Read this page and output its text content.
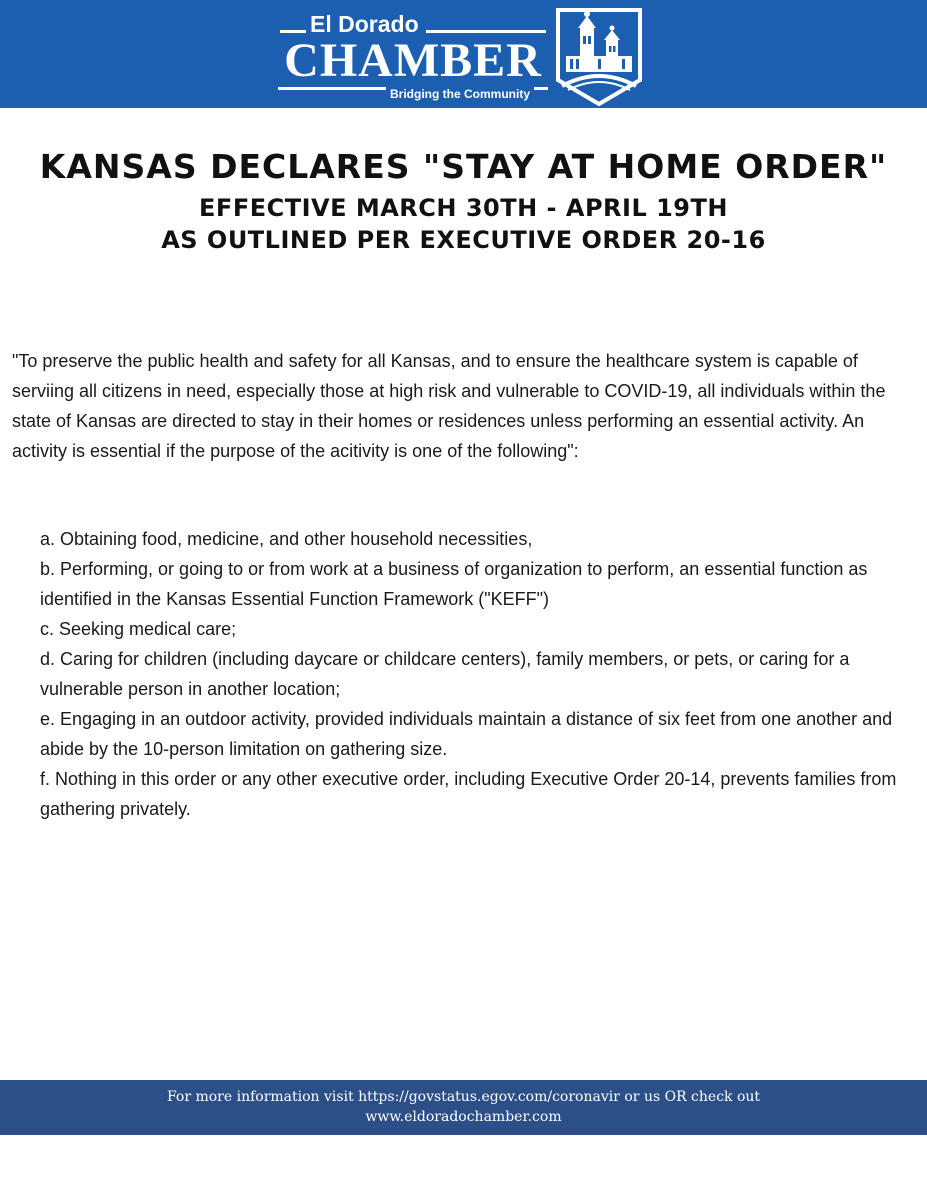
El Dorado
CHAMBER
Bridging the Community
KANSAS DECLARES "STAY AT HOME ORDER"
EFFECTIVE MARCH 30TH - APRIL 19TH
AS OUTLINED PER EXECUTIVE ORDER 20-16

"To preserve the public health and safety for all Kansas, and to ensure the healthcare system is capable of serviing all citizens in need, especially those at high risk and vulnerable to COVID-19, all individuals within the state of Kansas are directed to stay in their homes or residences unless performing an essential activity. An activity is essential if the purpose of the acitivity is one of the following":

a. Obtaining food, medicine, and other household necessities,
b. Performing, or going to or from work at a business of organization to perform, an essential function as identified in the Kansas Essential Function Framework ("KEFF")
c. Seeking medical care;
d. Caring for children (including daycare or childcare centers), family members, or pets, or caring for a vulnerable person in another location;
e. Engaging in an outdoor activity, provided individuals maintain a distance of six feet from one another and abide by the 10-person limitation on gathering size.
f. Nothing in this order or any other executive order, including Executive Order 20-14, prevents families from gathering privately.
For more information visit https://govstatus.egov.com/coronavir or us OR check out
www.eldoradochamber.com
